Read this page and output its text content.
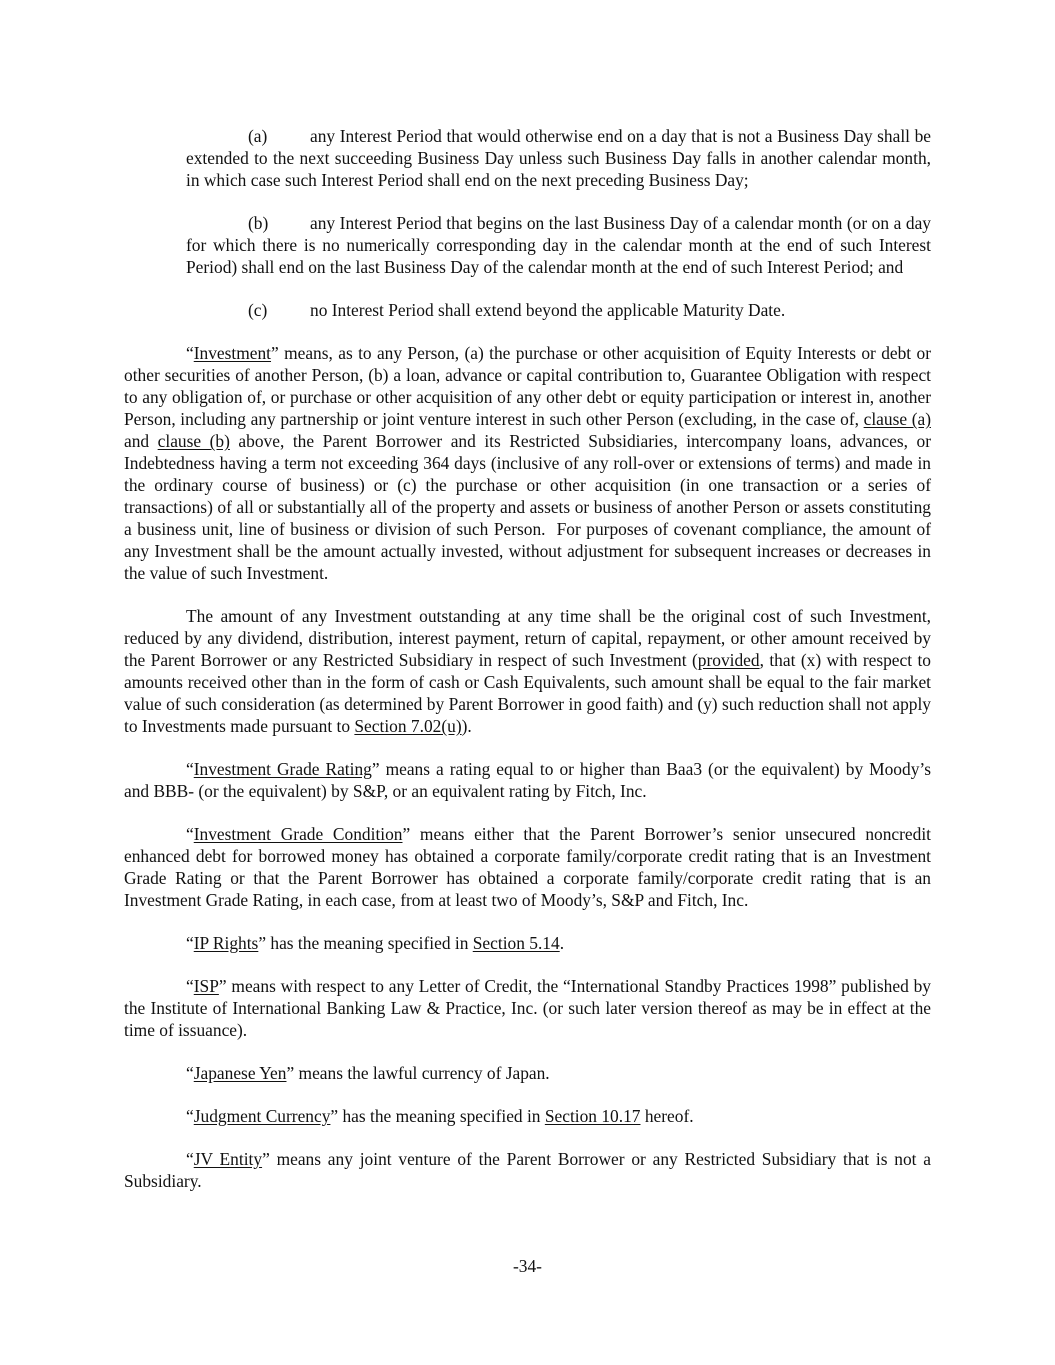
(a) any Interest Period that would otherwise end on a day that is not a Business Day shall be extended to the next succeeding Business Day unless such Business Day falls in another calendar month, in which case such Interest Period shall end on the next preceding Business Day;

(b) any Interest Period that begins on the last Business Day of a calendar month (or on a day for which there is no numerically corresponding day in the calendar month at the end of such Interest Period) shall end on the last Business Day of the calendar month at the end of such Interest Period; and

(c) no Interest Period shall extend beyond the applicable Maturity Date.

“Investment” means, as to any Person, (a) the purchase or other acquisition of Equity Interests or debt or other securities of another Person, (b) a loan, advance or capital contribution to, Guarantee Obligation with respect to any obligation of, or purchase or other acquisition of any other debt or equity participation or interest in, another Person, including any partnership or joint venture interest in such other Person (excluding, in the case of, clause (a) and clause (b) above, the Parent Borrower and its Restricted Subsidiaries, intercompany loans, advances, or Indebtedness having a term not exceeding 364 days (inclusive of any roll-over or extensions of terms) and made in the ordinary course of business) or (c) the purchase or other acquisition (in one transaction or a series of transactions) of all or substantially all of the property and assets or business of another Person or assets constituting a business unit, line of business or division of such Person.  For purposes of covenant compliance, the amount of any Investment shall be the amount actually invested, without adjustment for subsequent increases or decreases in the value of such Investment.

The amount of any Investment outstanding at any time shall be the original cost of such Investment, reduced by any dividend, distribution, interest payment, return of capital, repayment, or other amount received by the Parent Borrower or any Restricted Subsidiary in respect of such Investment (provided, that (x) with respect to amounts received other than in the form of cash or Cash Equivalents, such amount shall be equal to the fair market value of such consideration (as determined by Parent Borrower in good faith) and (y) such reduction shall not apply to Investments made pursuant to Section 7.02(u)).

“Investment Grade Rating” means a rating equal to or higher than Baa3 (or the equivalent) by Moody’s and BBB- (or the equivalent) by S&P, or an equivalent rating by Fitch, Inc.

“Investment Grade Condition” means either that the Parent Borrower’s senior unsecured noncredit enhanced debt for borrowed money has obtained a corporate family/corporate credit rating that is an Investment Grade Rating or that the Parent Borrower has obtained a corporate family/corporate credit rating that is an Investment Grade Rating, in each case, from at least two of Moody’s, S&P and Fitch, Inc.

“IP Rights” has the meaning specified in Section 5.14.

“ISP” means with respect to any Letter of Credit, the “International Standby Practices 1998” published by the Institute of International Banking Law & Practice, Inc. (or such later version thereof as may be in effect at the time of issuance).

“Japanese Yen” means the lawful currency of Japan.

“Judgment Currency” has the meaning specified in Section 10.17 hereof.

“JV Entity” means any joint venture of the Parent Borrower or any Restricted Subsidiary that is not a Subsidiary.

-34-
